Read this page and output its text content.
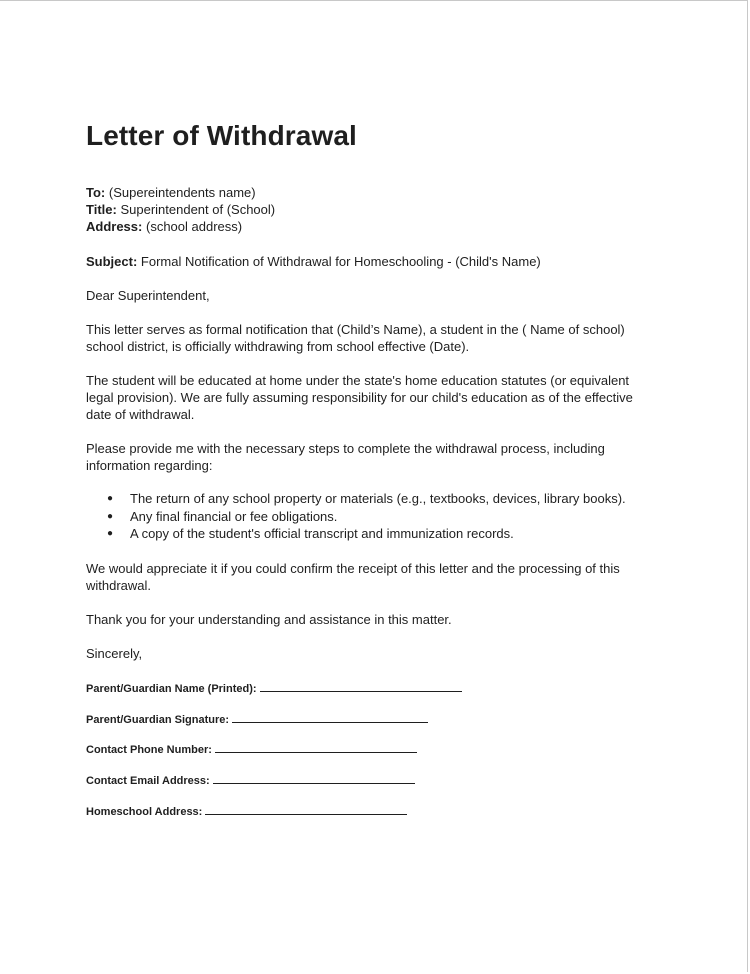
Letter of Withdrawal

To: (Supereintendents name)

Title: Superintendent of (School)

Address: (school address)

Subject: Formal Notification of Withdrawal for Homeschooling - (Child's Name)

Dear Superintendent,

This letter serves as formal notification that (Child’s Name), a student in the ( Name of school) school district, is officially withdrawing from school effective (Date).

The student will be educated at home under the state's home education statutes (or equivalent legal provision). We are fully assuming responsibility for our child's education as of the effective date of withdrawal.

Please provide me with the necessary steps to complete the withdrawal process, including information regarding:

● The return of any school property or materials (e.g., textbooks, devices, library books).
● Any final financial or fee obligations.
● A copy of the student's official transcript and immunization records.

We would appreciate it if you could confirm the receipt of this letter and the processing of this withdrawal.

Thank you for your understanding and assistance in this matter.

Sincerely,

Parent/Guardian Name (Printed):
Parent/Guardian Signature:
Contact Phone Number:
Contact Email Address:
Homeschool Address:
